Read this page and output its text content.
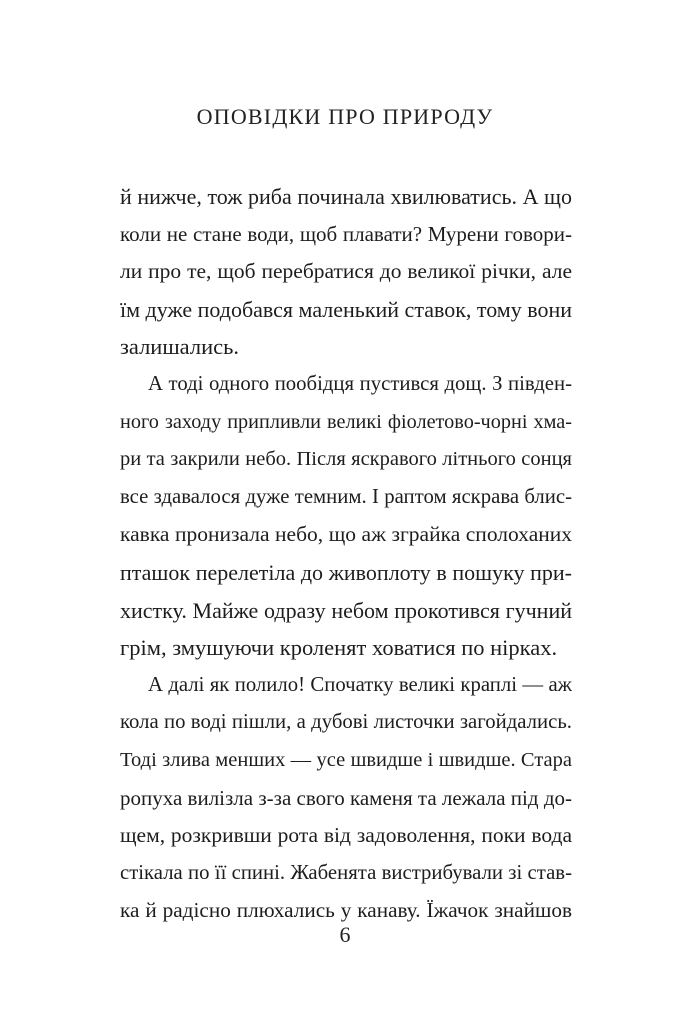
ОПОВІДКИ ПРО ПРИРОДУ
й нижче, тож риба починала хвилюватись. А що
коли не стане води, щоб плавати? Мурени говори-
ли про те, щоб перебратися до великої річки, але
їм дуже подобався маленький ставок, тому вони
залишались.
А тоді одного пообідця пустився дощ. З півден-
ного заходу припливли великі фіолетово-чорні хма-
ри та закрили небо. Після яскравого літнього сонця
все здавалося дуже темним. І раптом яскрава блис-
кавка пронизала небо, що аж зграйка сполоханих
пташок перелетіла до живоплоту в пошуку при-
хистку. Майже одразу небом прокотився гучний
грім, змушуючи кроленят ховатися по нірках.
А далі як полило! Спочатку великі краплі — аж
кола по воді пішли, а дубові листочки загойдались.
Тоді злива менших — усе швидше і швидше. Стара
ропуха вилізла з-за свого каменя та лежала під до-
щем, розкривши рота від задоволення, поки вода
стікала по її спині. Жабенята вистрибували зі став-
ка й радісно плюхались у канаву. Їжачок знайшов
6
